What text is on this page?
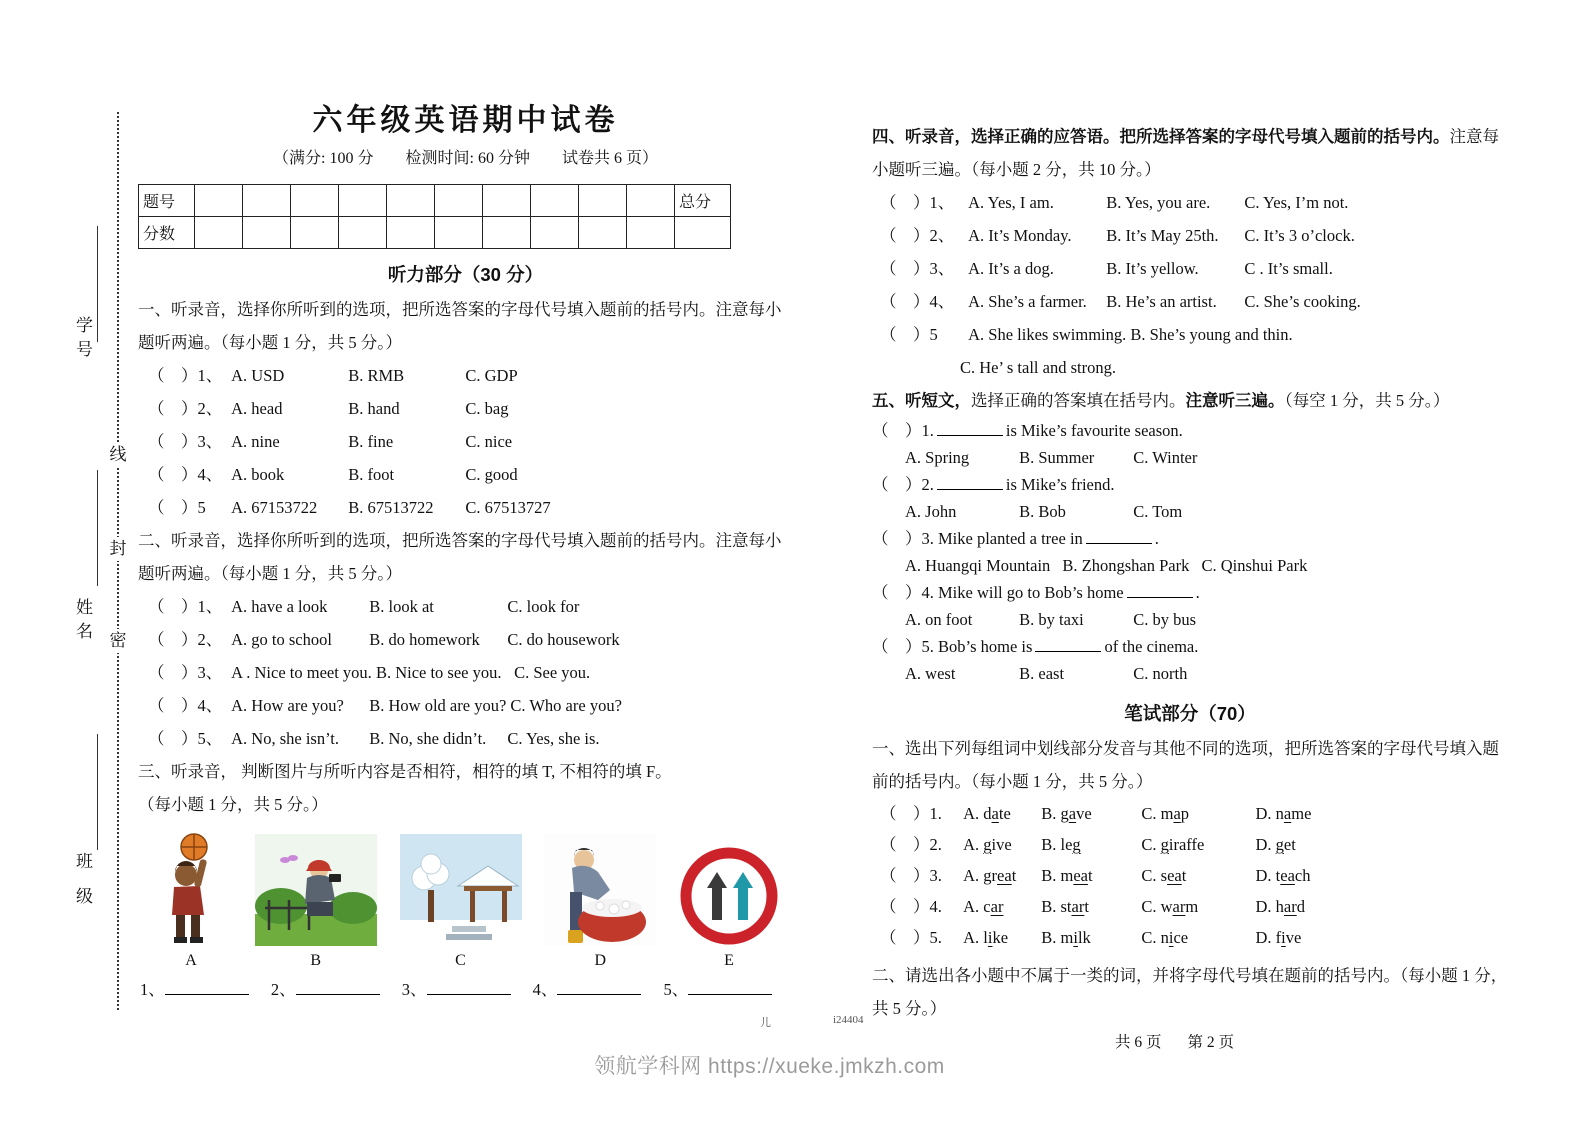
线
封
密
学号
姓名
班 级
六年级英语期中试卷
（满分: 100 分　　检测时间: 60 分钟　　试卷共 6 页）
题号											总分
分数											
听力部分（30 分）
一、听录音，选择你所听到的选项，把所选答案的字母代号填入题前的括号内。注意每小
题听两遍。（每小题 1 分，共 5 分。）
（　）1、 A. USD	B. RMB	C. GDP
（　）2、 A. head	B. hand	C. bag
（　）3、 A. nine	B. fine	C. nice
（　）4、 A. book	B. foot	C. good
（　）5 A. 67153722 B. 67513722 C. 67513727
二、听录音，选择你所听到的选项，把所选答案的字母代号填入题前的括号内。注意每小
题听两遍。（每小题 1 分，共 5 分。）
（　）1、 A. have a look	B. look at	C. look for
（　）2、 A. go to school B. do homework C. do housework
（　）3、 A . Nice to meet you. B. Nice to see you. C. See you.
（　）4、 A. How are you? B. How old are you? C. Who are you?
（　）5、 A. No, she isn’t. B. No, she didn’t. C. Yes, she is.
三、听录音， 判断图片与所听内容是否相符，相符的填 T, 不相符的填 F。
（每小题 1 分，共 5 分。）
A	B	C	D	E
1、	2、	3、	4、	5、
四、听录音，选择正确的应答语。把所选择答案的字母代号填入题前的括号内。注意每
小题听三遍。（每小题 2 分，共 10 分。）
（　）1、 A. Yes, I am.	B. Yes, you are. C. Yes, I’m not.
（　）2、 A. It’s Monday. B. It’s May 25th. C. It’s 3 o’clock.
（　）3、 A. It’s a dog.	B. It’s yellow.	C . It’s small.
（　）4、 A. She’s a farmer. B. He’s an artist. C. She’s cooking.
（　）5 A. She likes swimming. B. She’s young and thin.
C. He’ s tall and strong.
五、听短文，选择正确的答案填在括号内。注意听三遍。（每空 1 分，共 5 分。）
（　）1.	is Mike’s favourite season.
A. Spring	B. Summer C. Winter
（　）2.	is Mike’s friend.
A. John	B. Bob	C. Tom
（　）3. Mike planted a tree in	.
A. Huangqi Mountain B. Zhongshan Park C. Qinshui Park
（　）4. Mike will go to Bob’s home	.
A. on foot	B. by taxi	C. by bus
（　）5. Bob’s home is	of the cinema.
A. west	B. east	C. north
笔试部分（70）
一、选出下列每组词中划线部分发音与其他不同的选项，把所选答案的字母代号填入题
前的括号内。（每小题 1 分，共 5 分。）
（　）1. A. date B. gave	C. map	D. name
（　）2. A. give B. leg	C. giraffe	D. get
（　）3. A. great B. meat	C. seat	D. teach
（　）4. A. car B. start	C. warm	D. hard
（　）5. A. like B. milk	C. nice	D. five
二、请选出各小题中不属于一类的词，并将字母代号填在题前的括号内。（每小题 1 分，
共 5 分。）
儿	i24404
共 6 页 第 2 页
领航学科网 https://xueke.jmkzh.com
